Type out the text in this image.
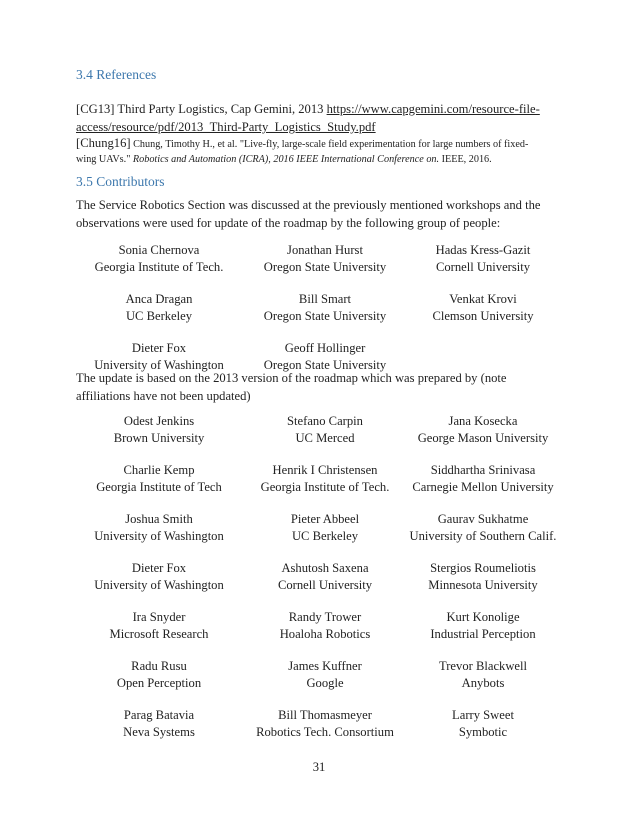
3.4 References
[CG13] Third Party Logistics, Cap Gemini, 2013 https://www.capgemini.com/resource-file-access/resource/pdf/2013_Third-Party_Logistics_Study.pdf
[Chung16] Chung, Timothy H., et al. "Live-fly, large-scale field experimentation for large numbers of fixed-wing UAVs." Robotics and Automation (ICRA), 2016 IEEE International Conference on. IEEE, 2016.
3.5 Contributors

The Service Robotics Section was discussed at the previously mentioned workshops and the observations were used for update of the roadmap by the following group of people:

Sonia Chernova
Georgia Institute of Tech.
Jonathan Hurst
Oregon State University
Hadas Kress-Gazit
Cornell University
Anca Dragan
UC Berkeley
Bill Smart
Oregon State University
Venkat Krovi
Clemson University
Dieter Fox
University of Washington
Geoff Hollinger
Oregon State University

The update is based on the 2013 version of the roadmap which was prepared by (note affiliations have not been updated)

Odest Jenkins
Brown University
Stefano Carpin
UC Merced
Jana Kosecka
George Mason University
Charlie Kemp
Georgia Institute of Tech
Henrik I Christensen
Georgia Institute of Tech.
Siddhartha Srinivasa
Carnegie Mellon University
Joshua Smith
University of Washington
Pieter Abbeel
UC Berkeley
Gaurav Sukhatme
University of Southern Calif.
Dieter Fox
University of Washington
Ashutosh Saxena
Cornell University
Stergios Roumeliotis
Minnesota University
Ira Snyder
Microsoft Research
Randy Trower
Hoaloha Robotics
Kurt Konolige
Industrial Perception
Radu Rusu
Open Perception
James Kuffner
Google
Trevor Blackwell
Anybots
Parag Batavia
Neva Systems
Bill Thomasmeyer
Robotics Tech. Consortium
Larry Sweet
Symbotic
31
